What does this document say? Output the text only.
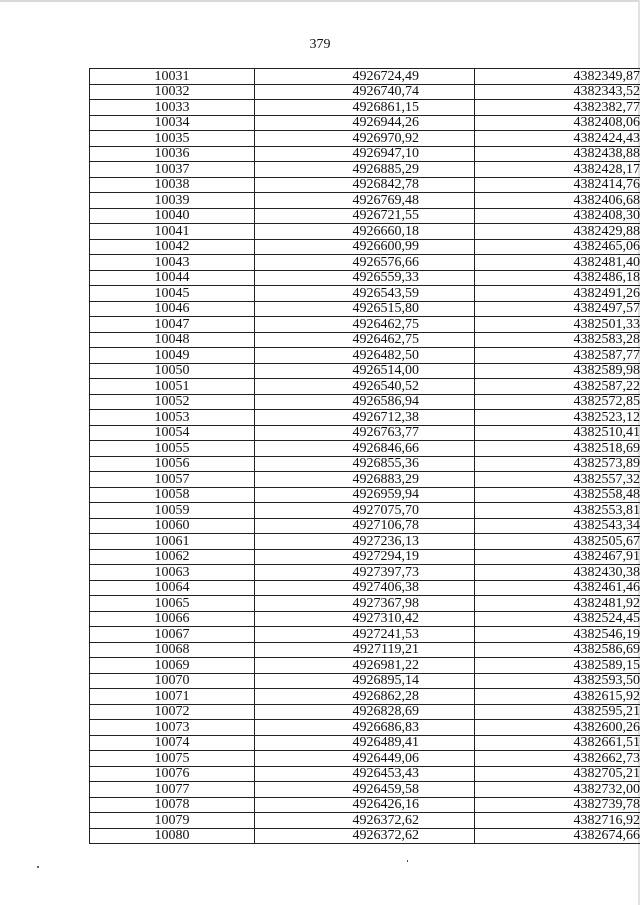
379
10031	4926724,49	4382349,87
10032	4926740,74	4382343,52
10033	4926861,15	4382382,77
10034	4926944,26	4382408,06
10035	4926970,92	4382424,43
10036	4926947,10	4382438,88
10037	4926885,29	4382428,17
10038	4926842,78	4382414,76
10039	4926769,48	4382406,68
10040	4926721,55	4382408,30
10041	4926660,18	4382429,88
10042	4926600,99	4382465,06
10043	4926576,66	4382481,40
10044	4926559,33	4382486,18
10045	4926543,59	4382491,26
10046	4926515,80	4382497,57
10047	4926462,75	4382501,33
10048	4926462,75	4382583,28
10049	4926482,50	4382587,77
10050	4926514,00	4382589,98
10051	4926540,52	4382587,22
10052	4926586,94	4382572,85
10053	4926712,38	4382523,12
10054	4926763,77	4382510,41
10055	4926846,66	4382518,69
10056	4926855,36	4382573,89
10057	4926883,29	4382557,32
10058	4926959,94	4382558,48
10059	4927075,70	4382553,81
10060	4927106,78	4382543,34
10061	4927236,13	4382505,67
10062	4927294,19	4382467,91
10063	4927397,73	4382430,38
10064	4927406,38	4382461,46
10065	4927367,98	4382481,92
10066	4927310,42	4382524,45
10067	4927241,53	4382546,19
10068	4927119,21	4382586,69
10069	4926981,22	4382589,15
10070	4926895,14	4382593,50
10071	4926862,28	4382615,92
10072	4926828,69	4382595,21
10073	4926686,83	4382600,26
10074	4926489,41	4382661,51
10075	4926449,06	4382662,73
10076	4926453,43	4382705,21
10077	4926459,58	4382732,00
10078	4926426,16	4382739,78
10079	4926372,62	4382716,92
10080	4926372,62	4382674,66
